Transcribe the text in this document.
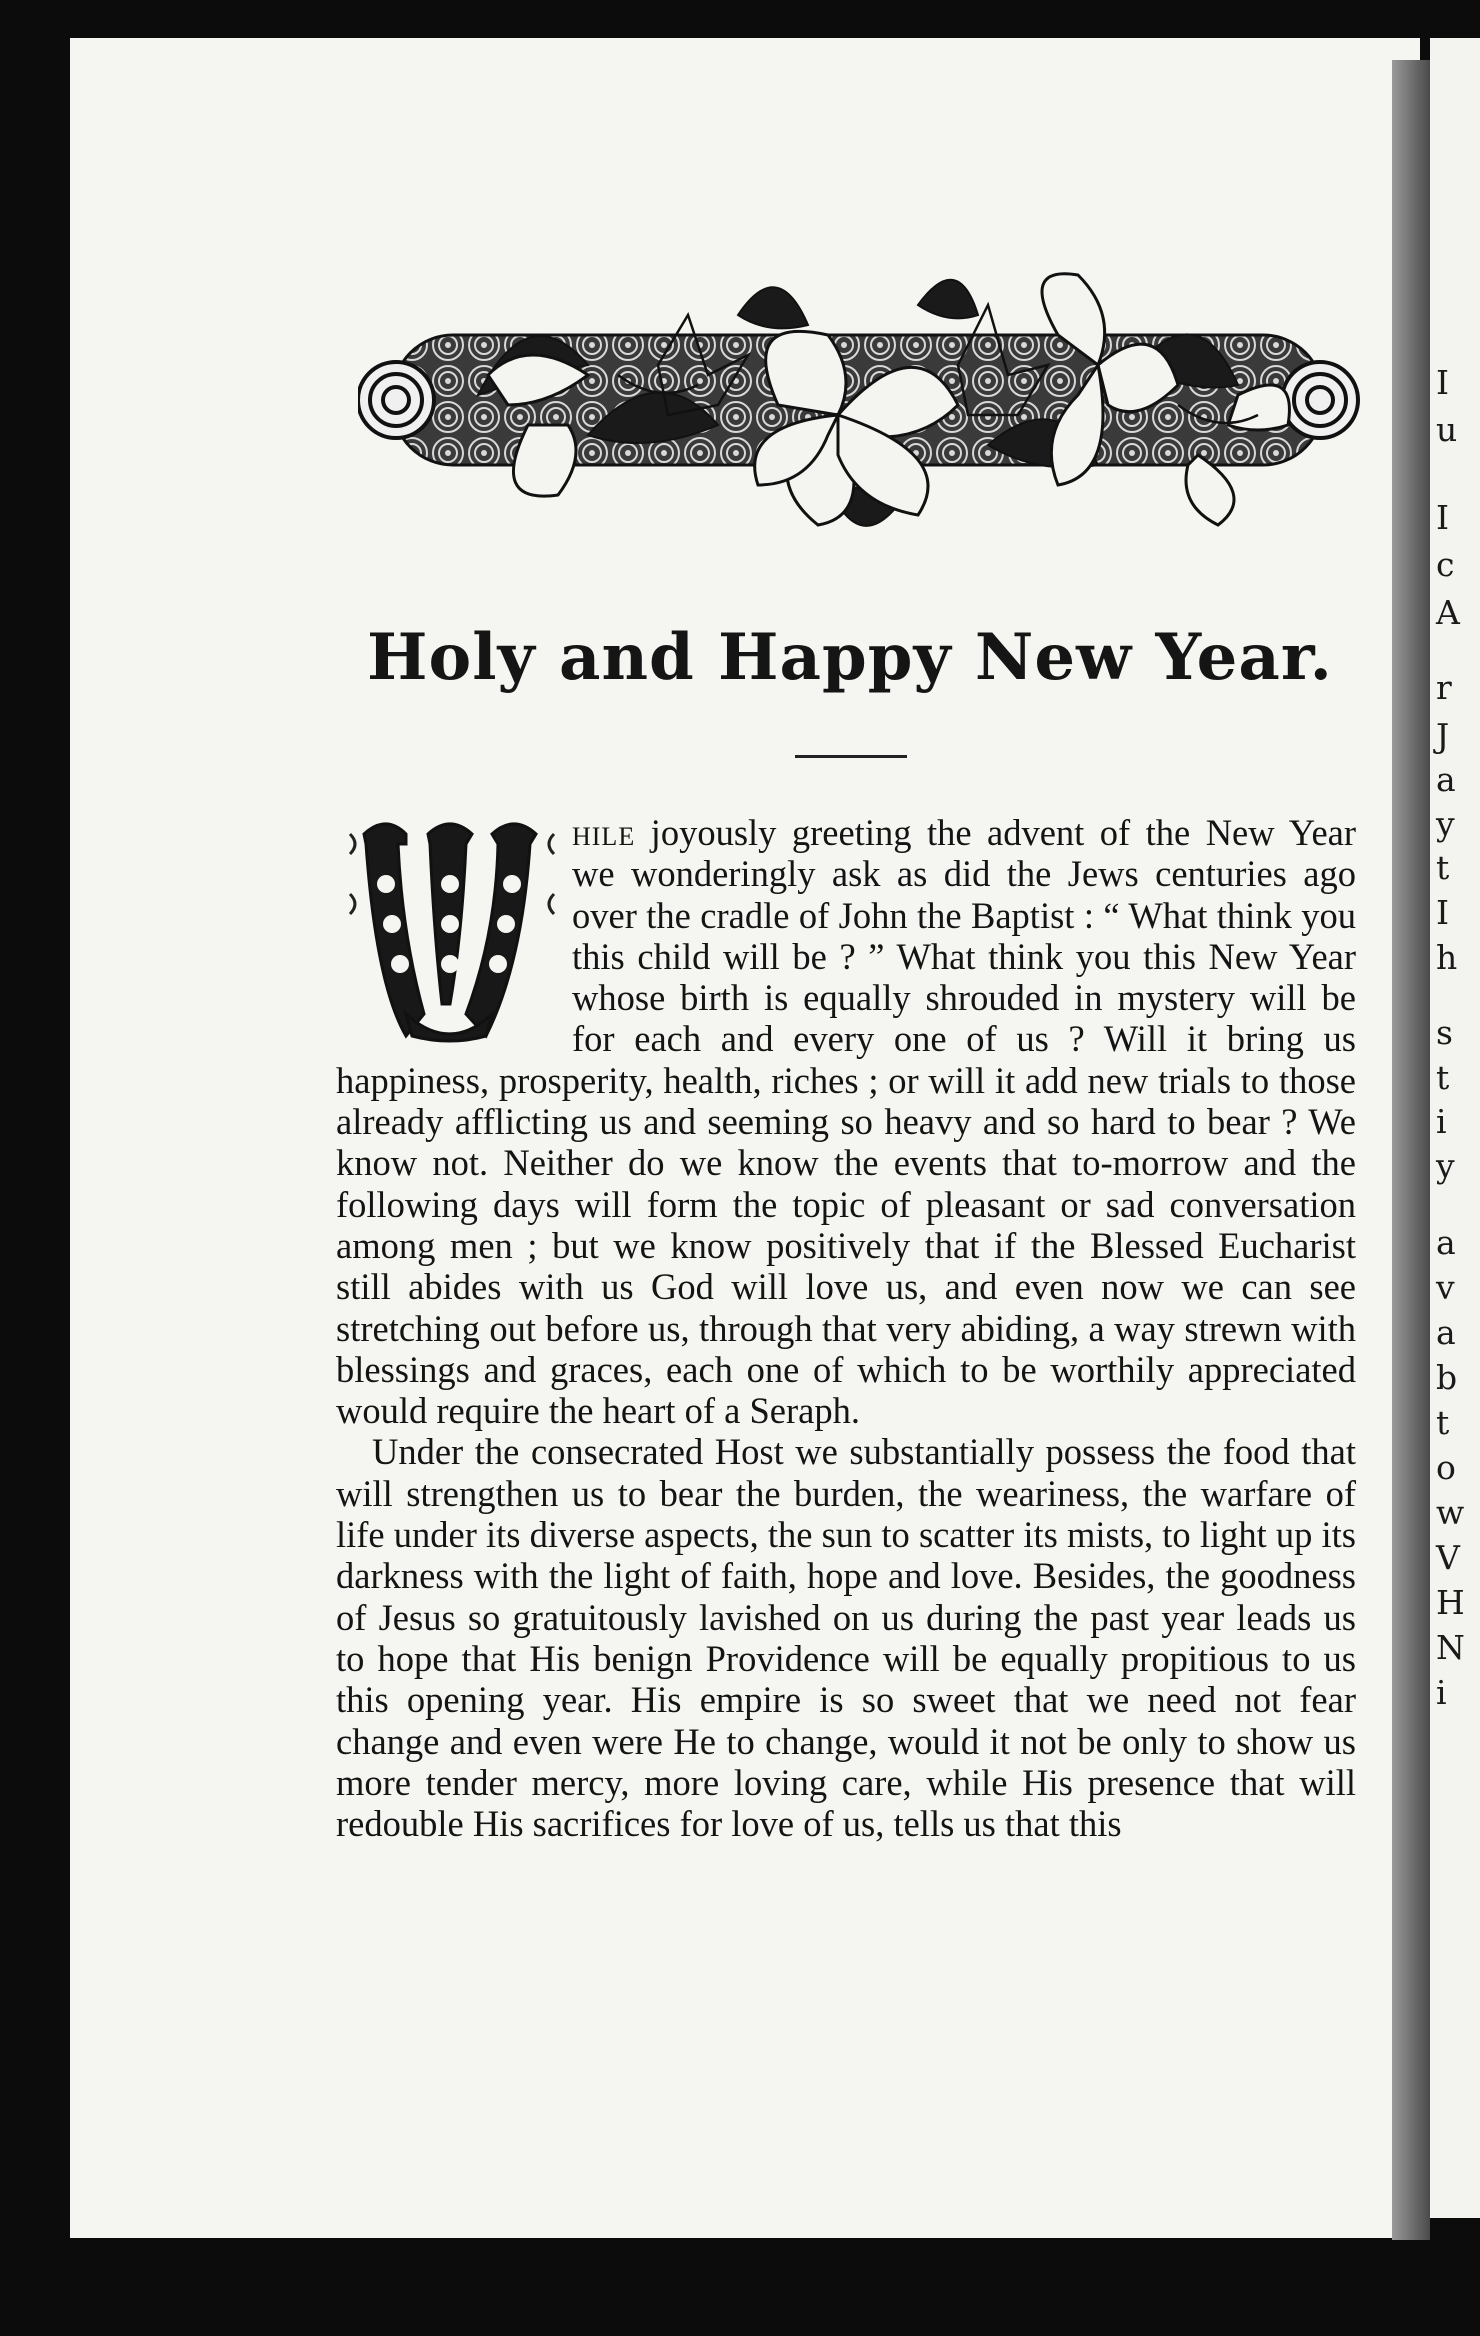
I
u
I
c
A
r
J
a
y
t
I
h
s
t
i
y
a
v
a
b
t
o
w
V
H
N
i
Holy and Happy New Year.

hile joyously greeting the advent of the New Year we wonderingly ask as did the Jews centuries ago over the cradle of John the Baptist : “ What think you this child will be ? ” What think you this New Year whose birth is equally shrouded in mystery will be for each and every one of us ? Will it bring us happiness, prosperity, health, riches ; or will it add new trials to those already afflicting us and seeming so heavy and so hard to bear ? We know not. Neither do we know the events that to-morrow and the following days will form the topic of pleasant or sad conversation among men ; but we know positively that if the Blessed Eucharist still abides with us God will love us, and even now we can see stretching out before us, through that very abiding, a way strewn with blessings and graces, each one of which to be worthily appreciated would require the heart of a Seraph.

Under the consecrated Host we substantially possess the food that will strengthen us to bear the burden, the weariness, the warfare of life under its diverse aspects, the sun to scatter its mists, to light up its darkness with the light of faith, hope and love. Besides, the goodness of Jesus so gratuitously lavished on us during the past year leads us to hope that His benign Providence will be equally propitious to us this opening year. His empire is so sweet that we need not fear change and even were He to change, would it not be only to show us more tender mercy, more loving care, while His presence that will redouble His sacrifices for love of us, tells us that this
